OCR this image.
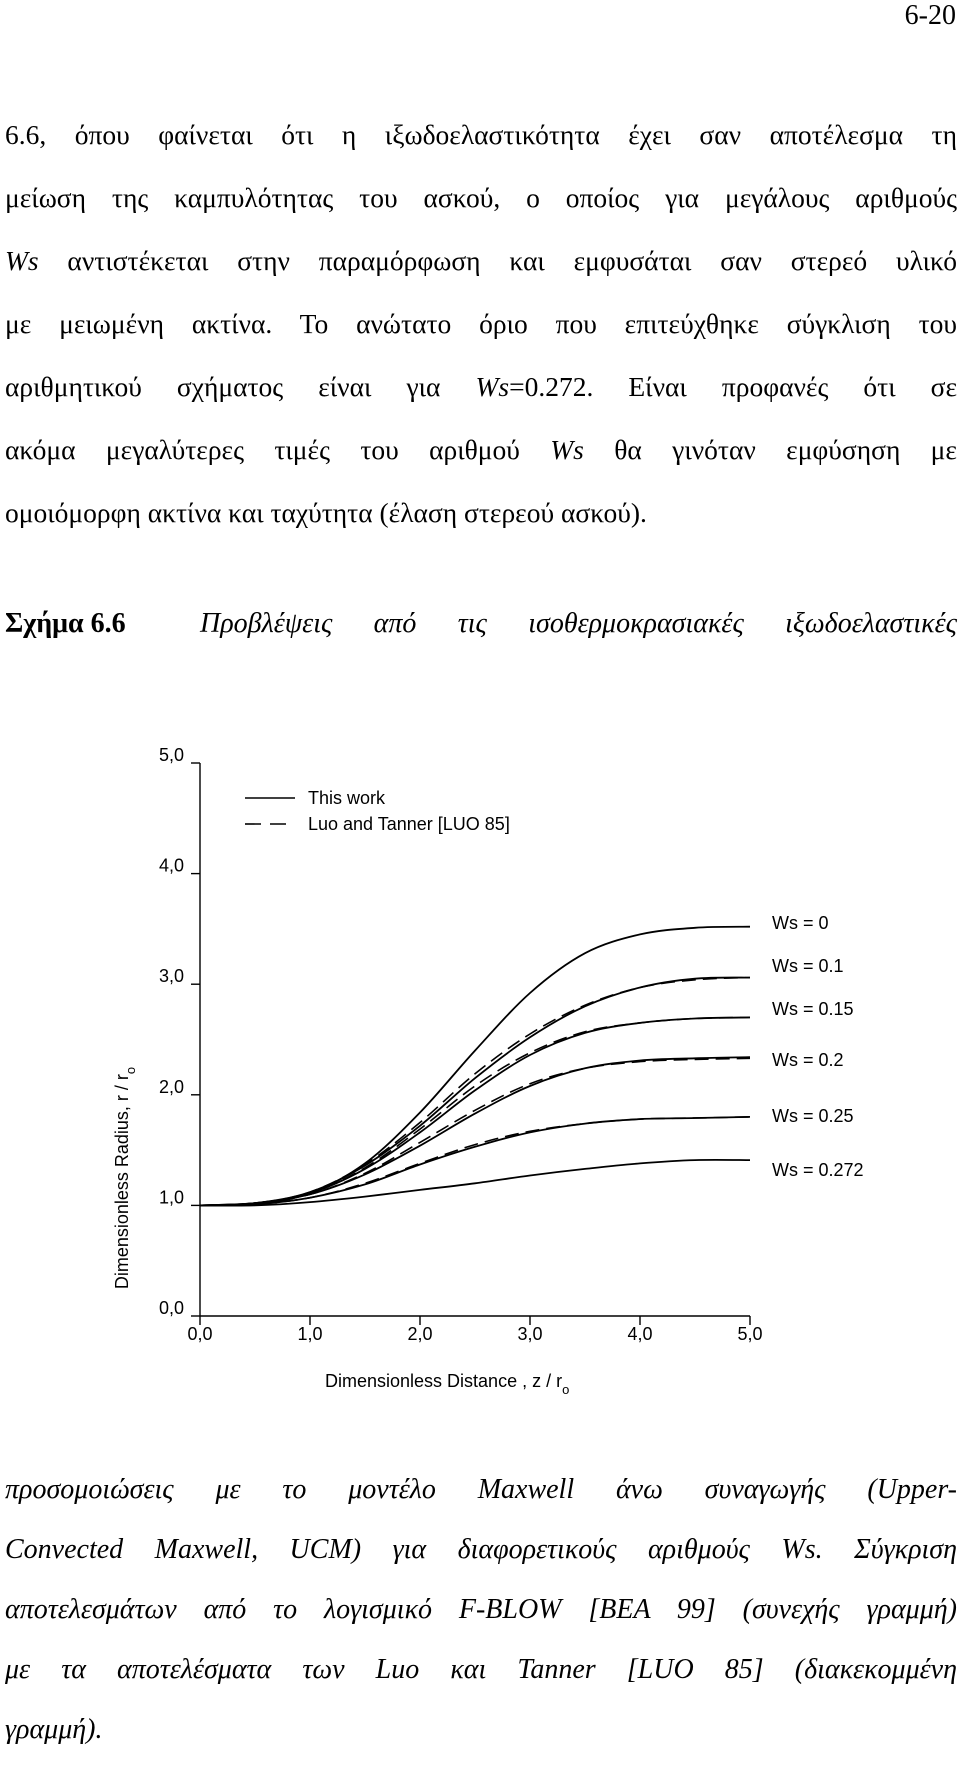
6-20
6.6, όπου φαίνεται ότι η ιξωδοελαστικότητα έχει σαν αποτέλεσμα τη
μείωση της καμπυλότητας του ασκού, ο οποίος για μεγάλους αριθμούς
Ws αντιστέκεται στην παραμόρφωση και εμφυσάται σαν στερεό υλικό
με μειωμένη ακτίνα. Το ανώτατο όριο που επιτεύχθηκε σύγκλιση του
αριθμητικού σχήματος είναι για Ws=0.272. Είναι προφανές ότι σε
ακόμα μεγαλύτερες τιμές του αριθμού Ws θα γινόταν εμφύσηση με
ομοιόμορφη ακτίνα και ταχύτητα (έλαση στερεού ασκού).
Σχήμα 6.6	Προβλέψεις από τις ισοθερμοκρασιακές ιξωδοελαστικές
0,0
1,0
2,0
3,0
4,0
5,0
0,0	1,0	2,0	3,0	4,0	5,0
This work
Luo and Tanner [LUO 85]
Ws = 0
Ws = 0.1
Ws = 0.15
Ws = 0.2
Ws = 0.25
Ws = 0.272
Dimensionless Distance , z / $r_o$
Dimensionless Radius, r / $r_o$
προσομοιώσεις με το μοντέλο Maxwell άνω συναγωγής (Upper-
Convected Maxwell, UCM) για διαφορετικούς αριθμούς Ws. Σύγκριση
αποτελεσμάτων από το λογισμικό F-BLOW [BEA 99] (συνεχής γραμμή)
με τα αποτελέσματα των Luo και Tanner [LUO 85] (διακεκομμένη
γραμμή).
